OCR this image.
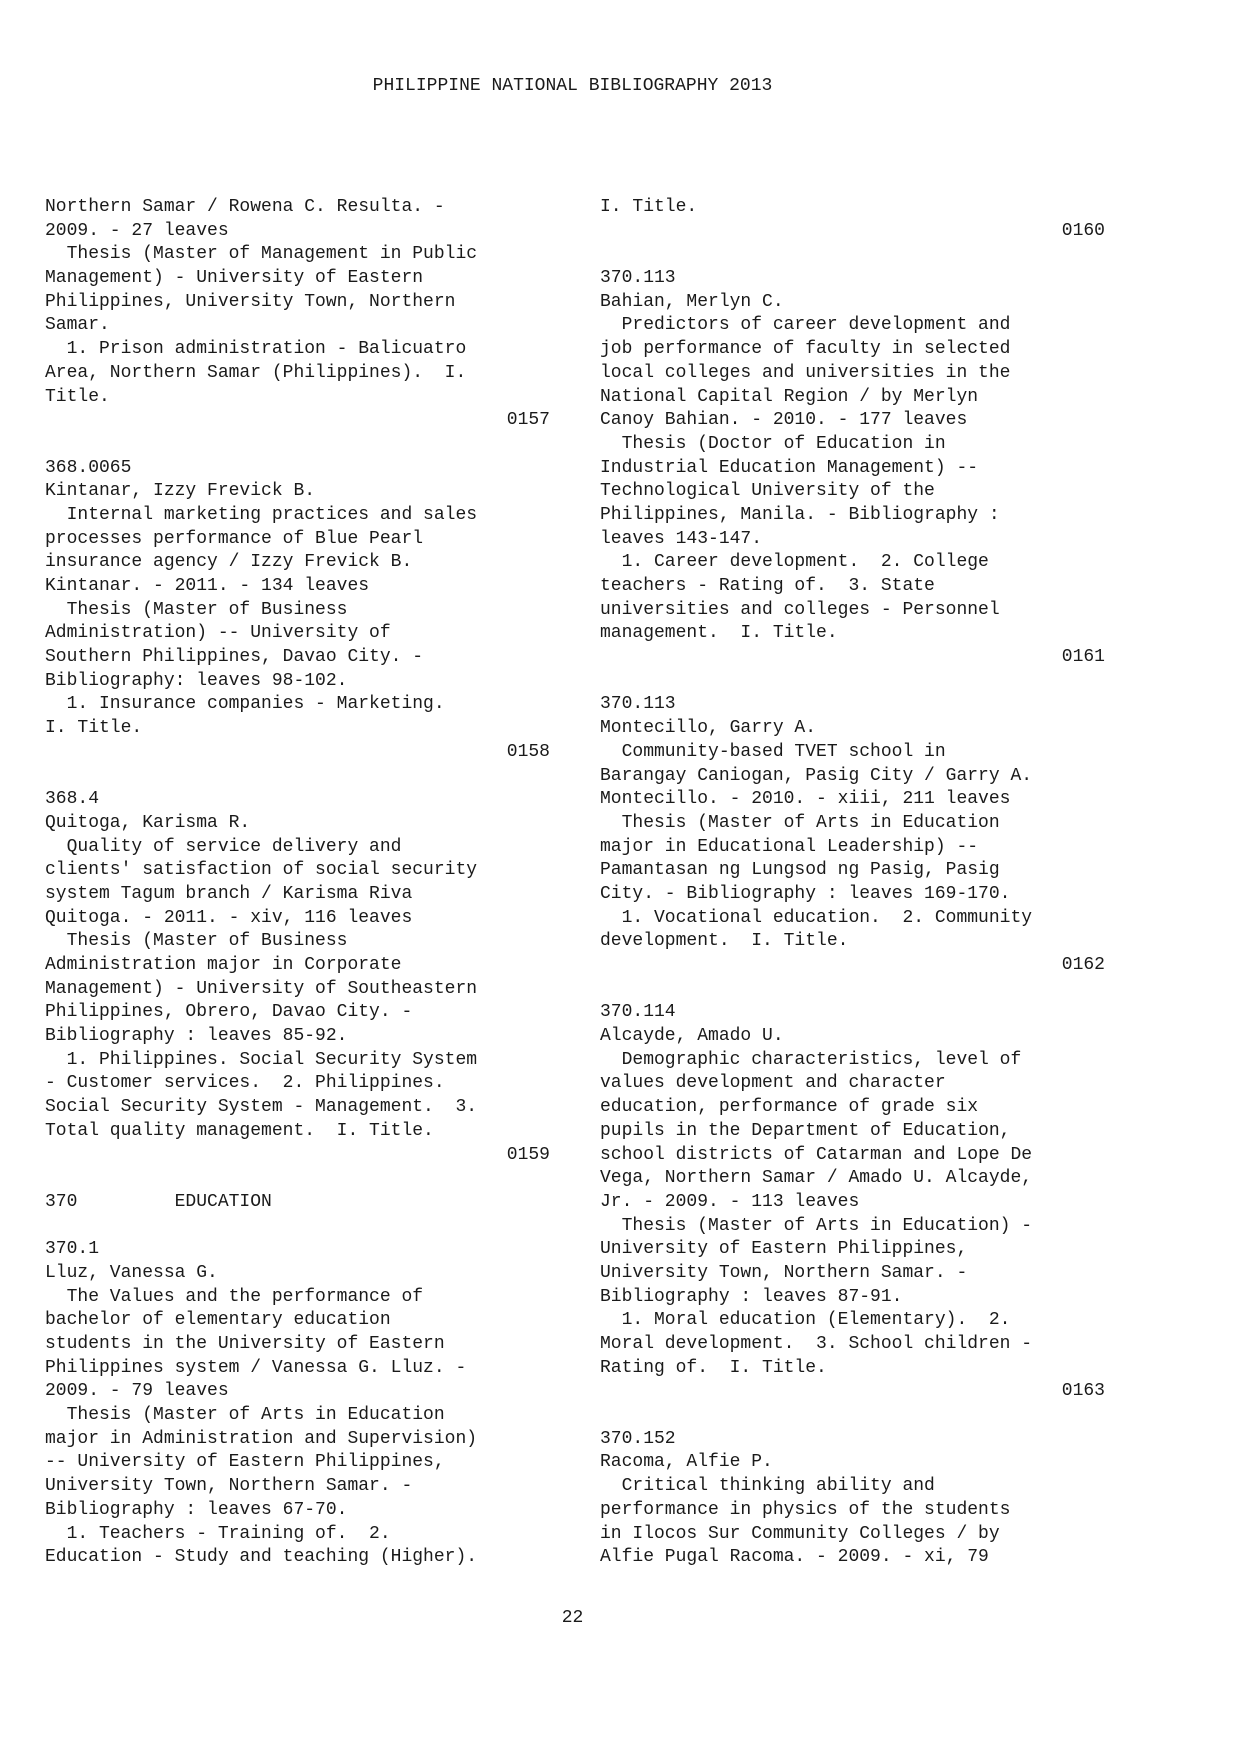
PHILIPPINE NATIONAL BIBLIOGRAPHY 2013
Northern Samar / Rowena C. Resulta. -
2009. - 27 leaves
Thesis (Master of Management in Public
Management) - University of Eastern
Philippines, University Town, Northern
Samar.
1. Prison administration - Balicuatro
Area, Northern Samar (Philippines).  I.
Title.
0157
368.0065
Kintanar, Izzy Frevick B.
Internal marketing practices and sales
processes performance of Blue Pearl
insurance agency / Izzy Frevick B.
Kintanar. - 2011. - 134 leaves
Thesis (Master of Business
Administration) -- University of
Southern Philippines, Davao City. -
Bibliography: leaves 98-102.
1. Insurance companies - Marketing.
I. Title.
0158
368.4
Quitoga, Karisma R.
Quality of service delivery and
clients' satisfaction of social security
system Tagum branch / Karisma Riva
Quitoga. - 2011. - xiv, 116 leaves
Thesis (Master of Business
Administration major in Corporate
Management) - University of Southeastern
Philippines, Obrero, Davao City. -
Bibliography : leaves 85-92.
1. Philippines. Social Security System
- Customer services.  2. Philippines.
Social Security System - Management.  3.
Total quality management.  I. Title.
0159
370         EDUCATION
370.1
Lluz, Vanessa G.
The Values and the performance of
bachelor of elementary education
students in the University of Eastern
Philippines system / Vanessa G. Lluz. -
2009. - 79 leaves
Thesis (Master of Arts in Education
major in Administration and Supervision)
-- University of Eastern Philippines,
University Town, Northern Samar. -
Bibliography : leaves 67-70.
1. Teachers - Training of.  2.
Education - Study and teaching (Higher).
I. Title.
0160
370.113
Bahian, Merlyn C.
Predictors of career development and
job performance of faculty in selected
local colleges and universities in the
National Capital Region / by Merlyn
Canoy Bahian. - 2010. - 177 leaves
Thesis (Doctor of Education in
Industrial Education Management) --
Technological University of the
Philippines, Manila. - Bibliography :
leaves 143-147.
1. Career development.  2. College
teachers - Rating of.  3. State
universities and colleges - Personnel
management.  I. Title.
0161
370.113
Montecillo, Garry A.
Community-based TVET school in
Barangay Caniogan, Pasig City / Garry A.
Montecillo. - 2010. - xiii, 211 leaves
Thesis (Master of Arts in Education
major in Educational Leadership) --
Pamantasan ng Lungsod ng Pasig, Pasig
City. - Bibliography : leaves 169-170.
1. Vocational education.  2. Community
development.  I. Title.
0162
370.114
Alcayde, Amado U.
Demographic characteristics, level of
values development and character
education, performance of grade six
pupils in the Department of Education,
school districts of Catarman and Lope De
Vega, Northern Samar / Amado U. Alcayde,
Jr. - 2009. - 113 leaves
Thesis (Master of Arts in Education) -
University of Eastern Philippines,
University Town, Northern Samar. -
Bibliography : leaves 87-91.
1. Moral education (Elementary).  2.
Moral development.  3. School children -
Rating of.  I. Title.
0163
370.152
Racoma, Alfie P.
Critical thinking ability and
performance in physics of the students
in Ilocos Sur Community Colleges / by
Alfie Pugal Racoma. - 2009. - xi, 79
22
